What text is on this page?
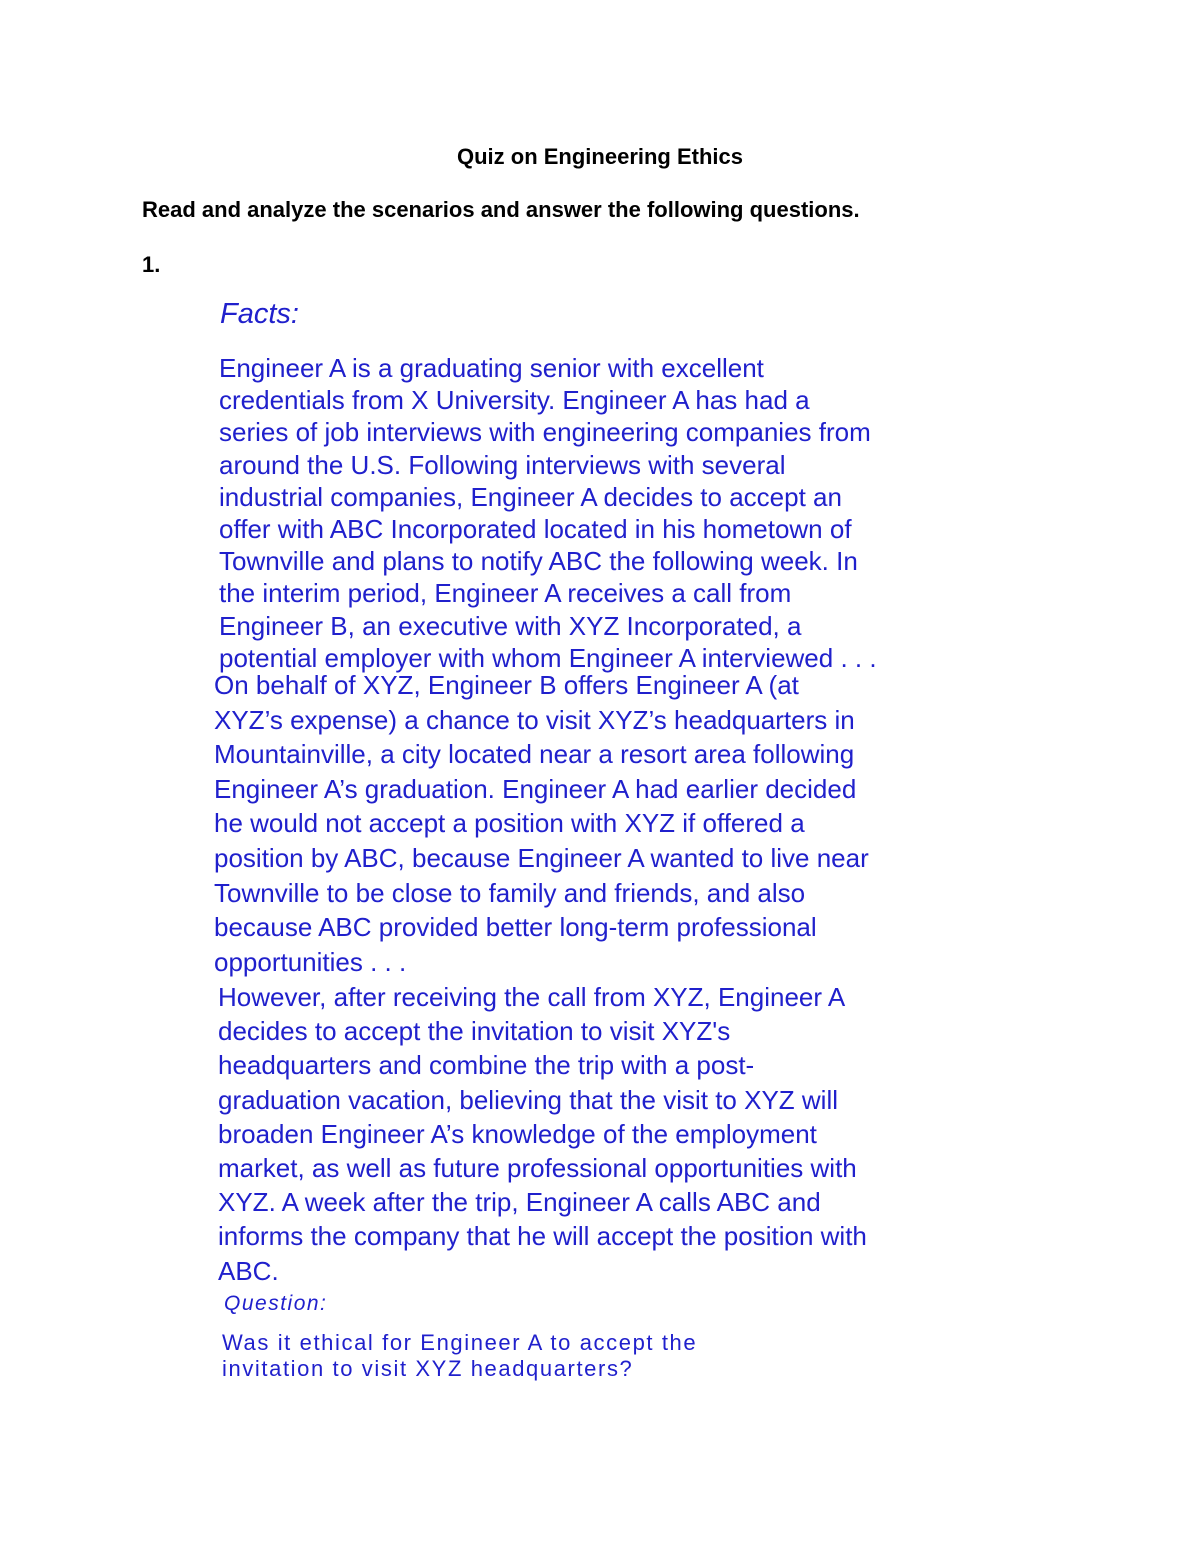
Quiz on Engineering Ethics
Read and analyze the scenarios and answer the following questions.
1.
Facts:
Engineer A is a graduating senior with excellent
credentials from X University. Engineer A has had a
series of job interviews with engineering companies from
around the U.S. Following interviews with several
industrial companies, Engineer A decides to accept an
offer with ABC Incorporated located in his hometown of
Townville and plans to notify ABC the following week. In
the interim period, Engineer A receives a call from
Engineer B, an executive with XYZ Incorporated, a
potential employer with whom Engineer A interviewed . . .
On behalf of XYZ, Engineer B offers Engineer A (at
XYZ’s expense) a chance to visit XYZ’s headquarters in
Mountainville, a city located near a resort area following
Engineer A’s graduation. Engineer A had earlier decided
he would not accept a position with XYZ if offered a
position by ABC, because Engineer A wanted to live near
Townville to be close to family and friends, and also
because ABC provided better long-term professional
opportunities . . .
However, after receiving the call from XYZ, Engineer A
decides to accept the invitation to visit XYZ's
headquarters and combine the trip with a post-
graduation vacation, believing that the visit to XYZ will
broaden Engineer A’s knowledge of the employment
market, as well as future professional opportunities with
XYZ. A week after the trip, Engineer A calls ABC and
informs the company that he will accept the position with
ABC.
Question:
Was it ethical for Engineer A to accept the
invitation to visit XYZ headquarters?
